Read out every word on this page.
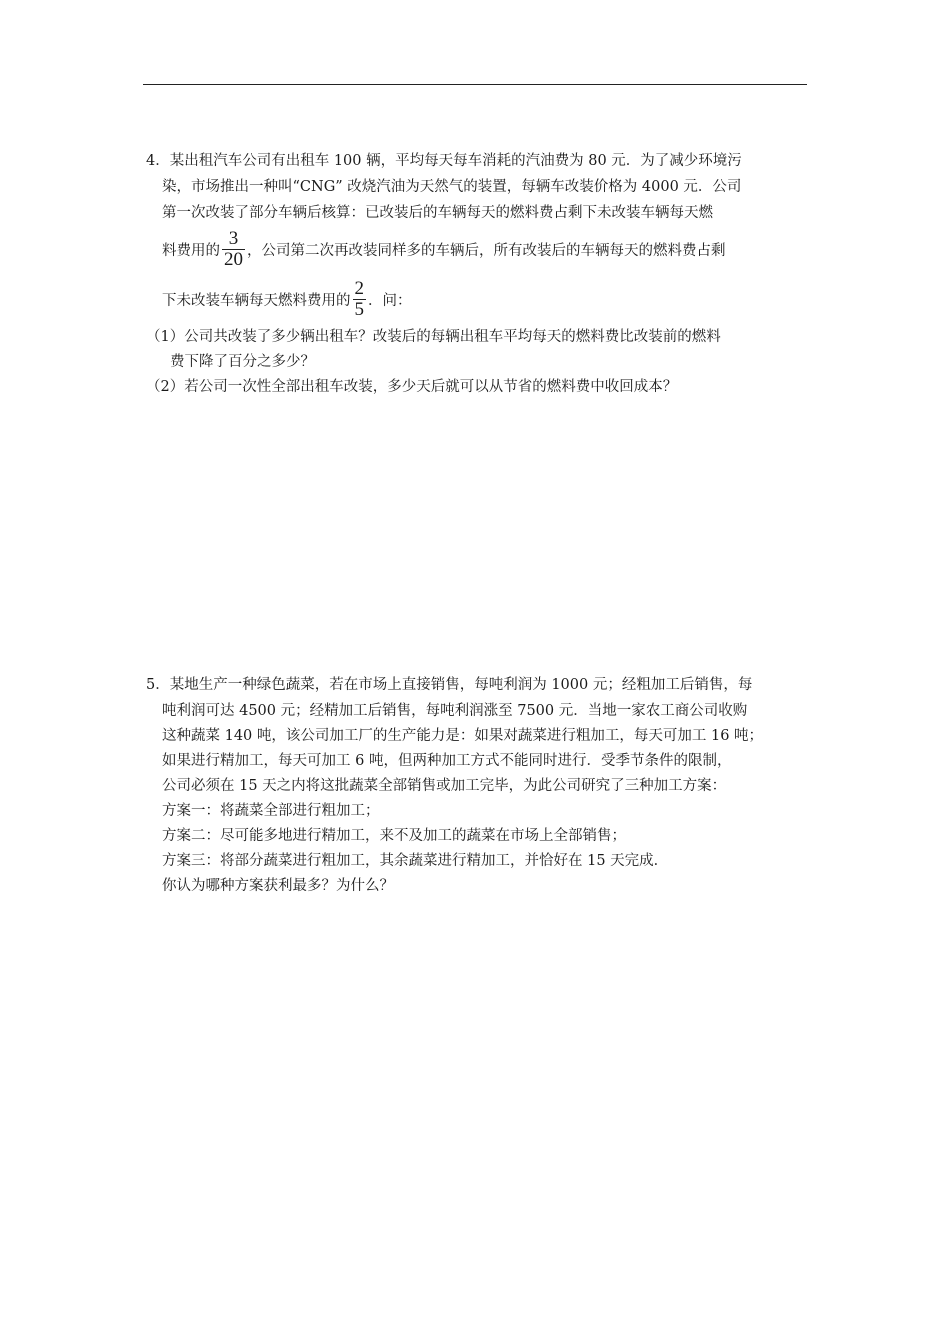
4．某出租汽车公司有出租车 100 辆，平均每天每车消耗的汽油费为 80 元．为了减少环境污
染，市场推出一种叫“CNG” 改烧汽油为天然气的装置，每辆车改装价格为 4000 元．公司
第一次改装了部分车辆后核算：已改装后的车辆每天的燃料费占剩下未改装车辆每天燃
料费用的 $\frac{3}{20}$ ，公司第二次再改装同样多的车辆后，所有改装后的车辆每天的燃料费占剩
下未改装车辆每天燃料费用的 $\frac{2}{5}$ ．问：
（1）公司共改装了多少辆出租车？改装后的每辆出租车平均每天的燃料费比改装前的燃料
费下降了百分之多少？
（2）若公司一次性全部出租车改装，多少天后就可以从节省的燃料费中收回成本？
5．某地生产一种绿色蔬菜，若在市场上直接销售，每吨利润为 1000 元；经粗加工后销售，每
吨利润可达 4500 元；经精加工后销售，每吨利润涨至 7500 元．当地一家农工商公司收购
这种蔬菜 140 吨，该公司加工厂的生产能力是：如果对蔬菜进行粗加工，每天可加工 16 吨；
如果进行精加工，每天可加工 6 吨，但两种加工方式不能同时进行．受季节条件的限制，
公司必须在 15 天之内将这批蔬菜全部销售或加工完毕，为此公司研究了三种加工方案：
方案一：将蔬菜全部进行粗加工；
方案二：尽可能多地进行精加工，来不及加工的蔬菜在市场上全部销售；
方案三：将部分蔬菜进行粗加工，其余蔬菜进行精加工，并恰好在 15 天完成．
你认为哪种方案获利最多？为什么？
